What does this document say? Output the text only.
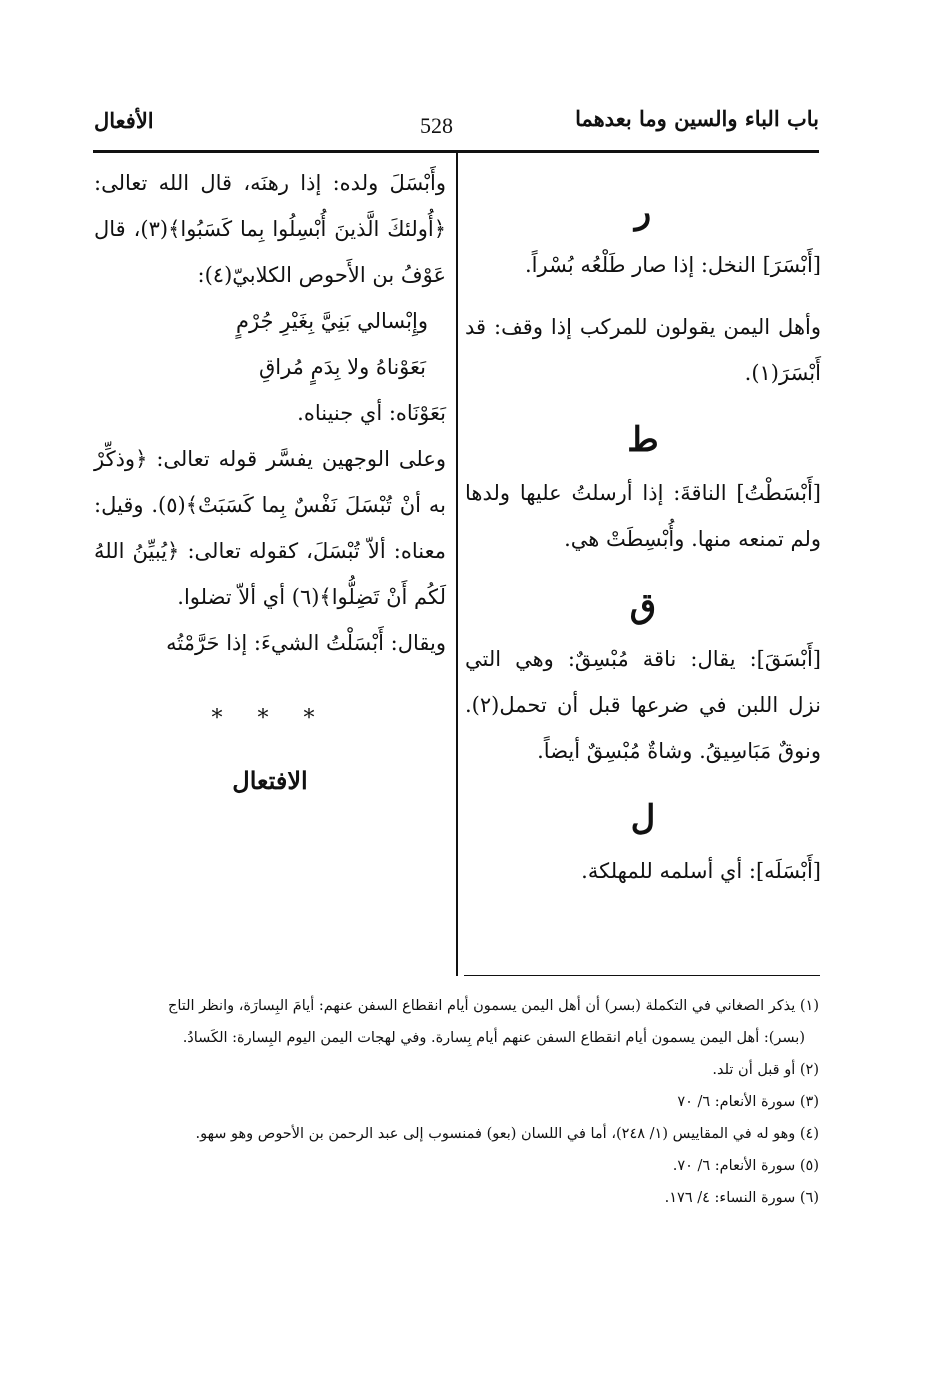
باب الباء والسين وما بعدهما
528
الأفعال
ر

[أَبْسَرَ] النخل: إذا صار طَلْعُه بُسْراً.

وأهل اليمن يقولون للمركب إذا وقف: قد أَبْسَرَ(١).

ط

[أَبْسَطْتُ] الناقةَ: إذا أرسلتُ عليها ولدها ولم تمنعه منها. وأُبْسِطَتْ هي.

ق

[أَبْسَقَ]: يقال: ناقة مُبْسِقٌ: وهي التي نزل اللبن في ضرعها قبل أن تحمل(٢). ونوقٌ مَبَاسِيقُ. وشاةٌ مُبْسِقٌ أيضاً.

ل

[أَبْسَلَه]: أي أسلمه للمهلكة.

وأَبْسَلَ ولده: إذا رهنَه، قال الله تعالى: ﴿أُولئكَ الَّذينَ أُبْسِلُوا بِما كَسَبُوا﴾(٣)، قال عَوْفُ بن الأَحوص الكلابيّ(٤):

وإِبْسالي بَنِيَّ بِغَيْرِ جُرْمٍ

بَعَوْناهُ ولا بِدَمٍ مُراقِ

بَعَوْنَاه: أي جنيناه.

وعلى الوجهين يفسَّر قوله تعالى: ﴿وذكِّرْ به أنْ تُبْسَلَ نَفْسٌ بِما كَسَبَتْ﴾(٥). وقيل: معناه: ألاّ تُبْسَلَ، كقوله تعالى: ﴿يُبيِّنُ اللهُ لَكُم أَنْ تَضِلُّوا﴾(٦) أي ألاّ تضلوا.

ويقال: أَبْسَلْتُ الشيءَ: إذا حَرَّمْتُه

* * *
الافتعال

(١) يذكر الصغاني في التكملة (بسر) أن أهل اليمن يسمون أيام انقطاع السفن عنهم: أيامَ البِسارَة، وانظر التاج

(بسر): أهل اليمن يسمون أيام انقطاع السفن عنهم أيام بِسارة. وفي لهجات اليمن اليوم البِسارة: الكَسادُ.

(٢) أو قبل أن تلد.

(٣) سورة الأنعام: ٦/ ٧٠

(٤) وهو له في المقاييس (١/ ٢٤٨)، أما في اللسان (بعو) فمنسوب إلى عبد الرحمن بن الأحوص وهو سهو.

(٥) سورة الأنعام: ٦/ ٧٠.

(٦) سورة النساء: ٤/ ١٧٦.
